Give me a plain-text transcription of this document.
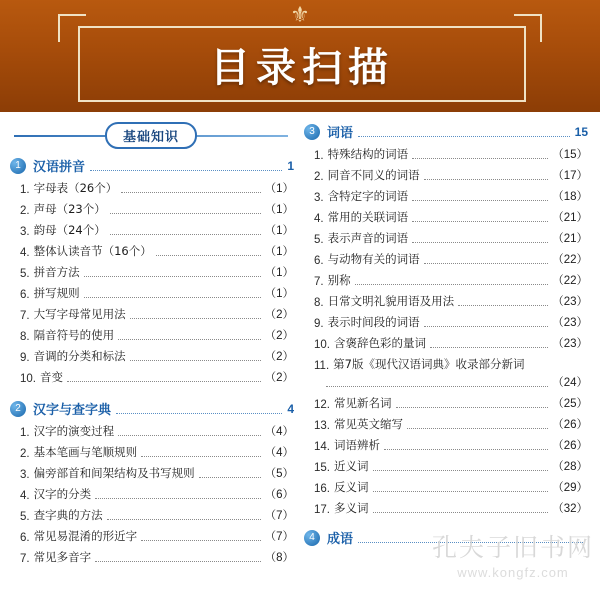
⚜
目录扫描
基础知识
1 汉语拼音	1
1. 字母表（26个）	（1）
2. 声母（23个）	（1）
3. 韵母（24个）	（1）
4. 整体认读音节（16个）	（1）
5. 拼音方法	（1）
6. 拼写规则	（1）
7. 大写字母常见用法	（2）
8. 隔音符号的使用	（2）
9. 音调的分类和标法	（2）
10. 音变	（2）
2 汉字与查字典	4
1. 汉字的演变过程	（4）
2. 基本笔画与笔顺规则	（4）
3. 偏旁部首和间架结构及书写规则	（5）
4. 汉字的分类	（6）
5. 查字典的方法	（7）
6. 常见易混淆的形近字	（7）
7. 常见多音字	（8）
3 词语	15
1. 特殊结构的词语	（15）
2. 同音不同义的词语	（17）
3. 含特定字的词语	（18）
4. 常用的关联词语	（21）
5. 表示声音的词语	（21）
6. 与动物有关的词语	（22）
7. 别称	（22）
8. 日常文明礼貌用语及用法	（23）
9. 表示时间段的词语	（23）
10. 含褒辞色彩的量词	（23）
11. 第7版《现代汉语词典》收录部分新词
（24）
12. 常见新名词	（25）
13. 常见英文缩写	（26）
14. 词语辨析	（26）
15. 近义词	（28）
16. 反义词	（29）
17. 多义词	（32）
4 成语	孔夫子旧书网
www.kongfz.com
